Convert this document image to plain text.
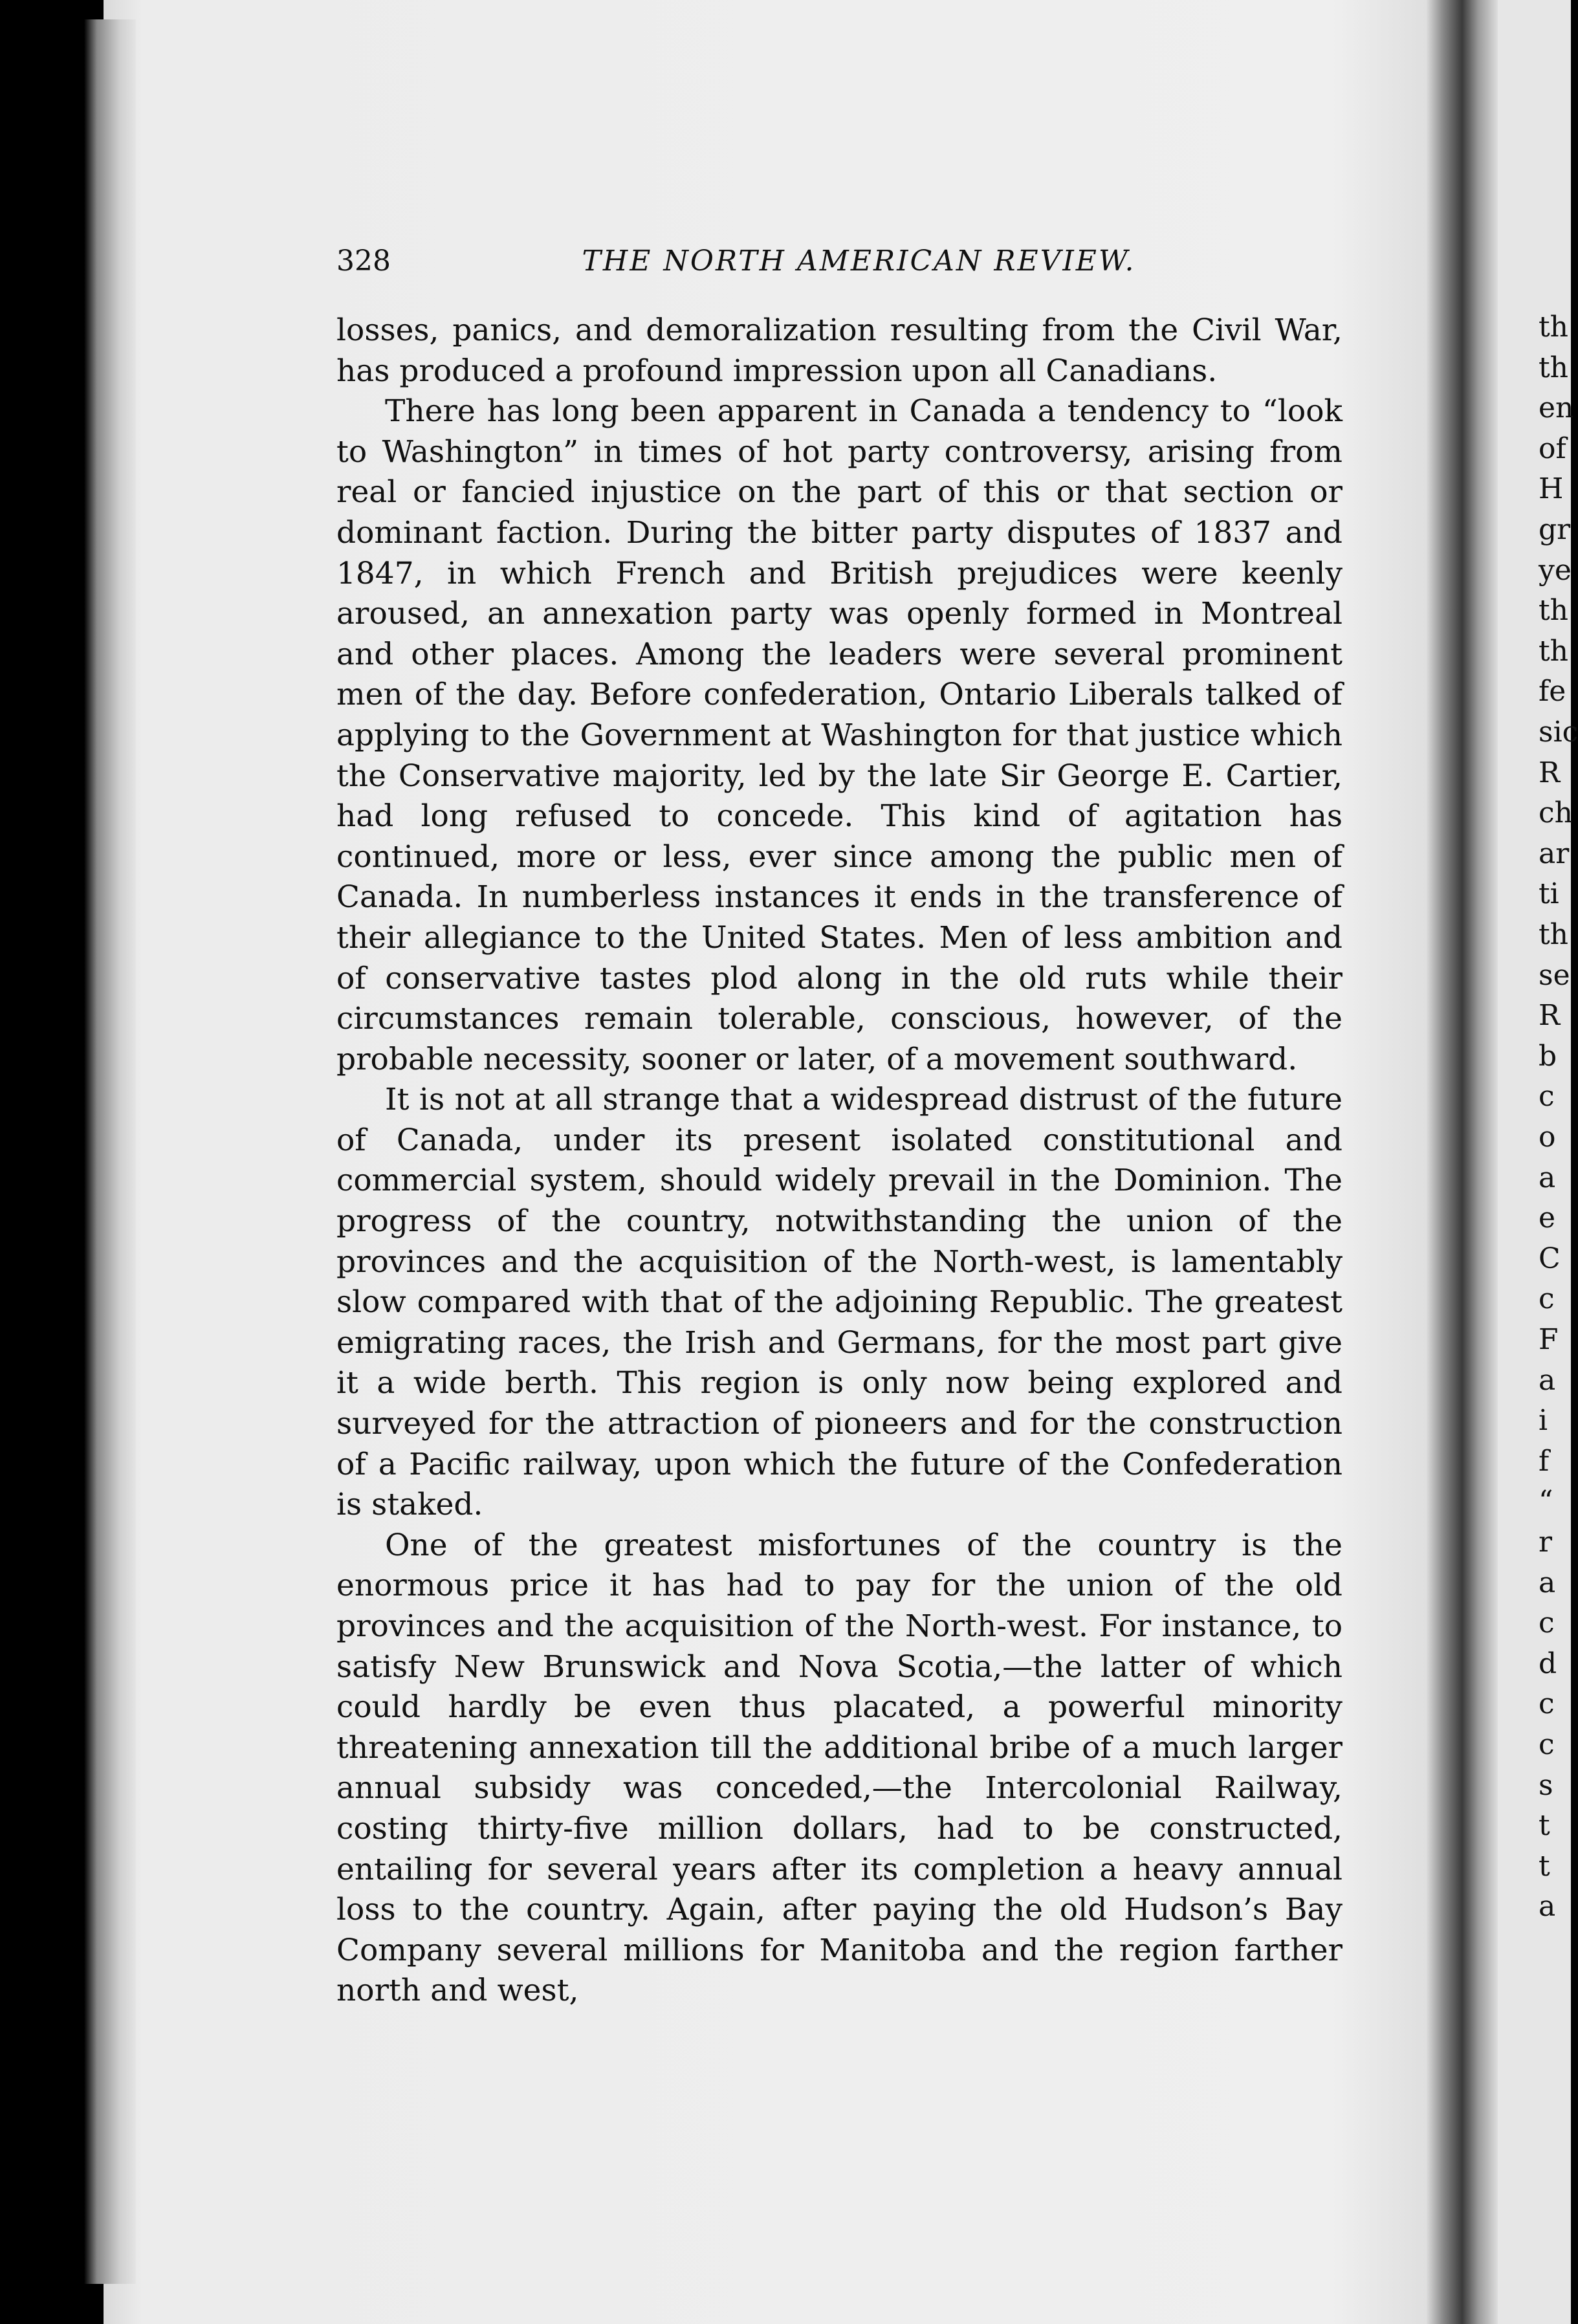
th
th
en
of
H
gr
ye
th
th
fe
sic
R
ch
ar
ti
th
se
R
b
c
o
a
e
C
c
F
a
i
f
“
r
a
c
d
c
c
s
t
t
a
328	THE NORTH AMERICAN REVIEW.

losses, panics, and demoralization resulting from the Civil War, has produced a profound impression upon all Canadians.

There has long been apparent in Canada a tendency to “look to Washington” in times of hot party controversy, arising from real or fancied injustice on the part of this or that section or dominant faction. During the bitter party disputes of 1837 and 1847, in which French and British prejudices were keenly aroused, an annexation party was openly formed in Montreal and other places. Among the leaders were several prominent men of the day. Before confederation, Ontario Liberals talked of applying to the Government at Washington for that justice which the Conservative majority, led by the late Sir George E. Cartier, had long refused to concede. This kind of agitation has continued, more or less, ever since among the public men of Canada. In numberless instances it ends in the transference of their allegiance to the United States. Men of less ambition and of conservative tastes plod along in the old ruts while their circumstances remain tolerable, conscious, however, of the probable necessity, sooner or later, of a movement southward.

It is not at all strange that a widespread distrust of the future of Canada, under its present isolated constitutional and commercial system, should widely prevail in the Dominion. The progress of the country, notwithstanding the union of the provinces and the acquisition of the North-west, is lamentably slow compared with that of the adjoining Republic. The greatest emigrating races, the Irish and Germans, for the most part give it a wide berth. This region is only now being explored and surveyed for the attraction of pioneers and for the construction of a Pacific railway, upon which the future of the Confederation is staked.

One of the greatest misfortunes of the country is the enormous price it has had to pay for the union of the old provinces and the acquisition of the North-west. For instance, to satisfy New Brunswick and Nova Scotia,—the latter of which could hardly be even thus placated, a powerful minority threatening annexation till the additional bribe of a much larger annual subsidy was conceded,—the Intercolonial Railway, costing thirty-five million dollars, had to be constructed, entailing for several years after its completion a heavy annual loss to the country. Again, after paying the old Hudson’s Bay Company several millions for Manitoba and the region farther north and west,
